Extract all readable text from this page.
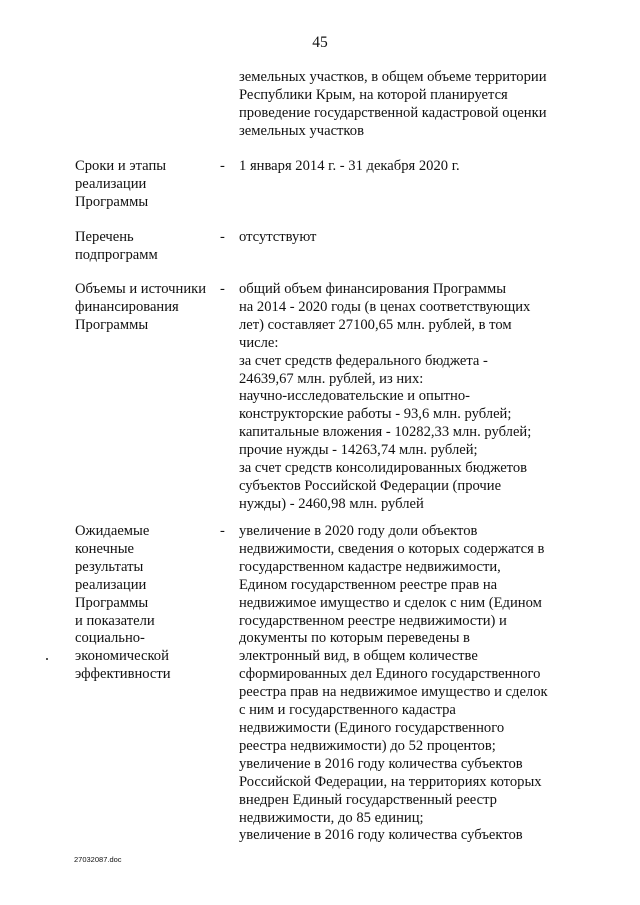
45
земельных участков, в общем объеме территории
Республики Крым, на которой планируется
проведение государственной кадастровой оценки
земельных участков
Сроки и этапы
реализации
Программы
- 1 января 2014 г. - 31 декабря 2020 г.
Перечень
подпрограмм
- отсутствуют
Объемы и источники
финансирования
Программы
- общий объем финансирования Программы
на 2014 - 2020 годы (в ценах соответствующих
лет) составляет 27100,65 млн. рублей, в том
числе:
за счет средств федерального бюджета -
24639,67 млн. рублей, из них:
научно-исследовательские и опытно-
конструкторские работы - 93,6 млн. рублей;
капитальные вложения - 10282,33 млн. рублей;
прочие нужды - 14263,74 млн. рублей;
за счет средств консолидированных бюджетов
субъектов Российской Федерации (прочие
нужды) - 2460,98 млн. рублей
Ожидаемые
конечные
результаты
реализации
Программы
и показатели
социально-
экономической
эффективности
- увеличение в 2020 году доли объектов
недвижимости, сведения о которых содержатся в
государственном кадастре недвижимости,
Едином государственном реестре прав на
недвижимое имущество и сделок с ним (Едином
государственном реестре недвижимости) и
документы по которым переведены в
электронный вид, в общем количестве
сформированных дел Единого государственного
реестра прав на недвижимое имущество и сделок
с ним и государственного кадастра
недвижимости (Единого государственного
реестра недвижимости) до 52 процентов;
увеличение в 2016 году количества субъектов
Российской Федерации, на территориях которых
внедрен Единый государственный реестр
недвижимости, до 85 единиц;
увеличение в 2016 году количества субъектов
27032087.doc
